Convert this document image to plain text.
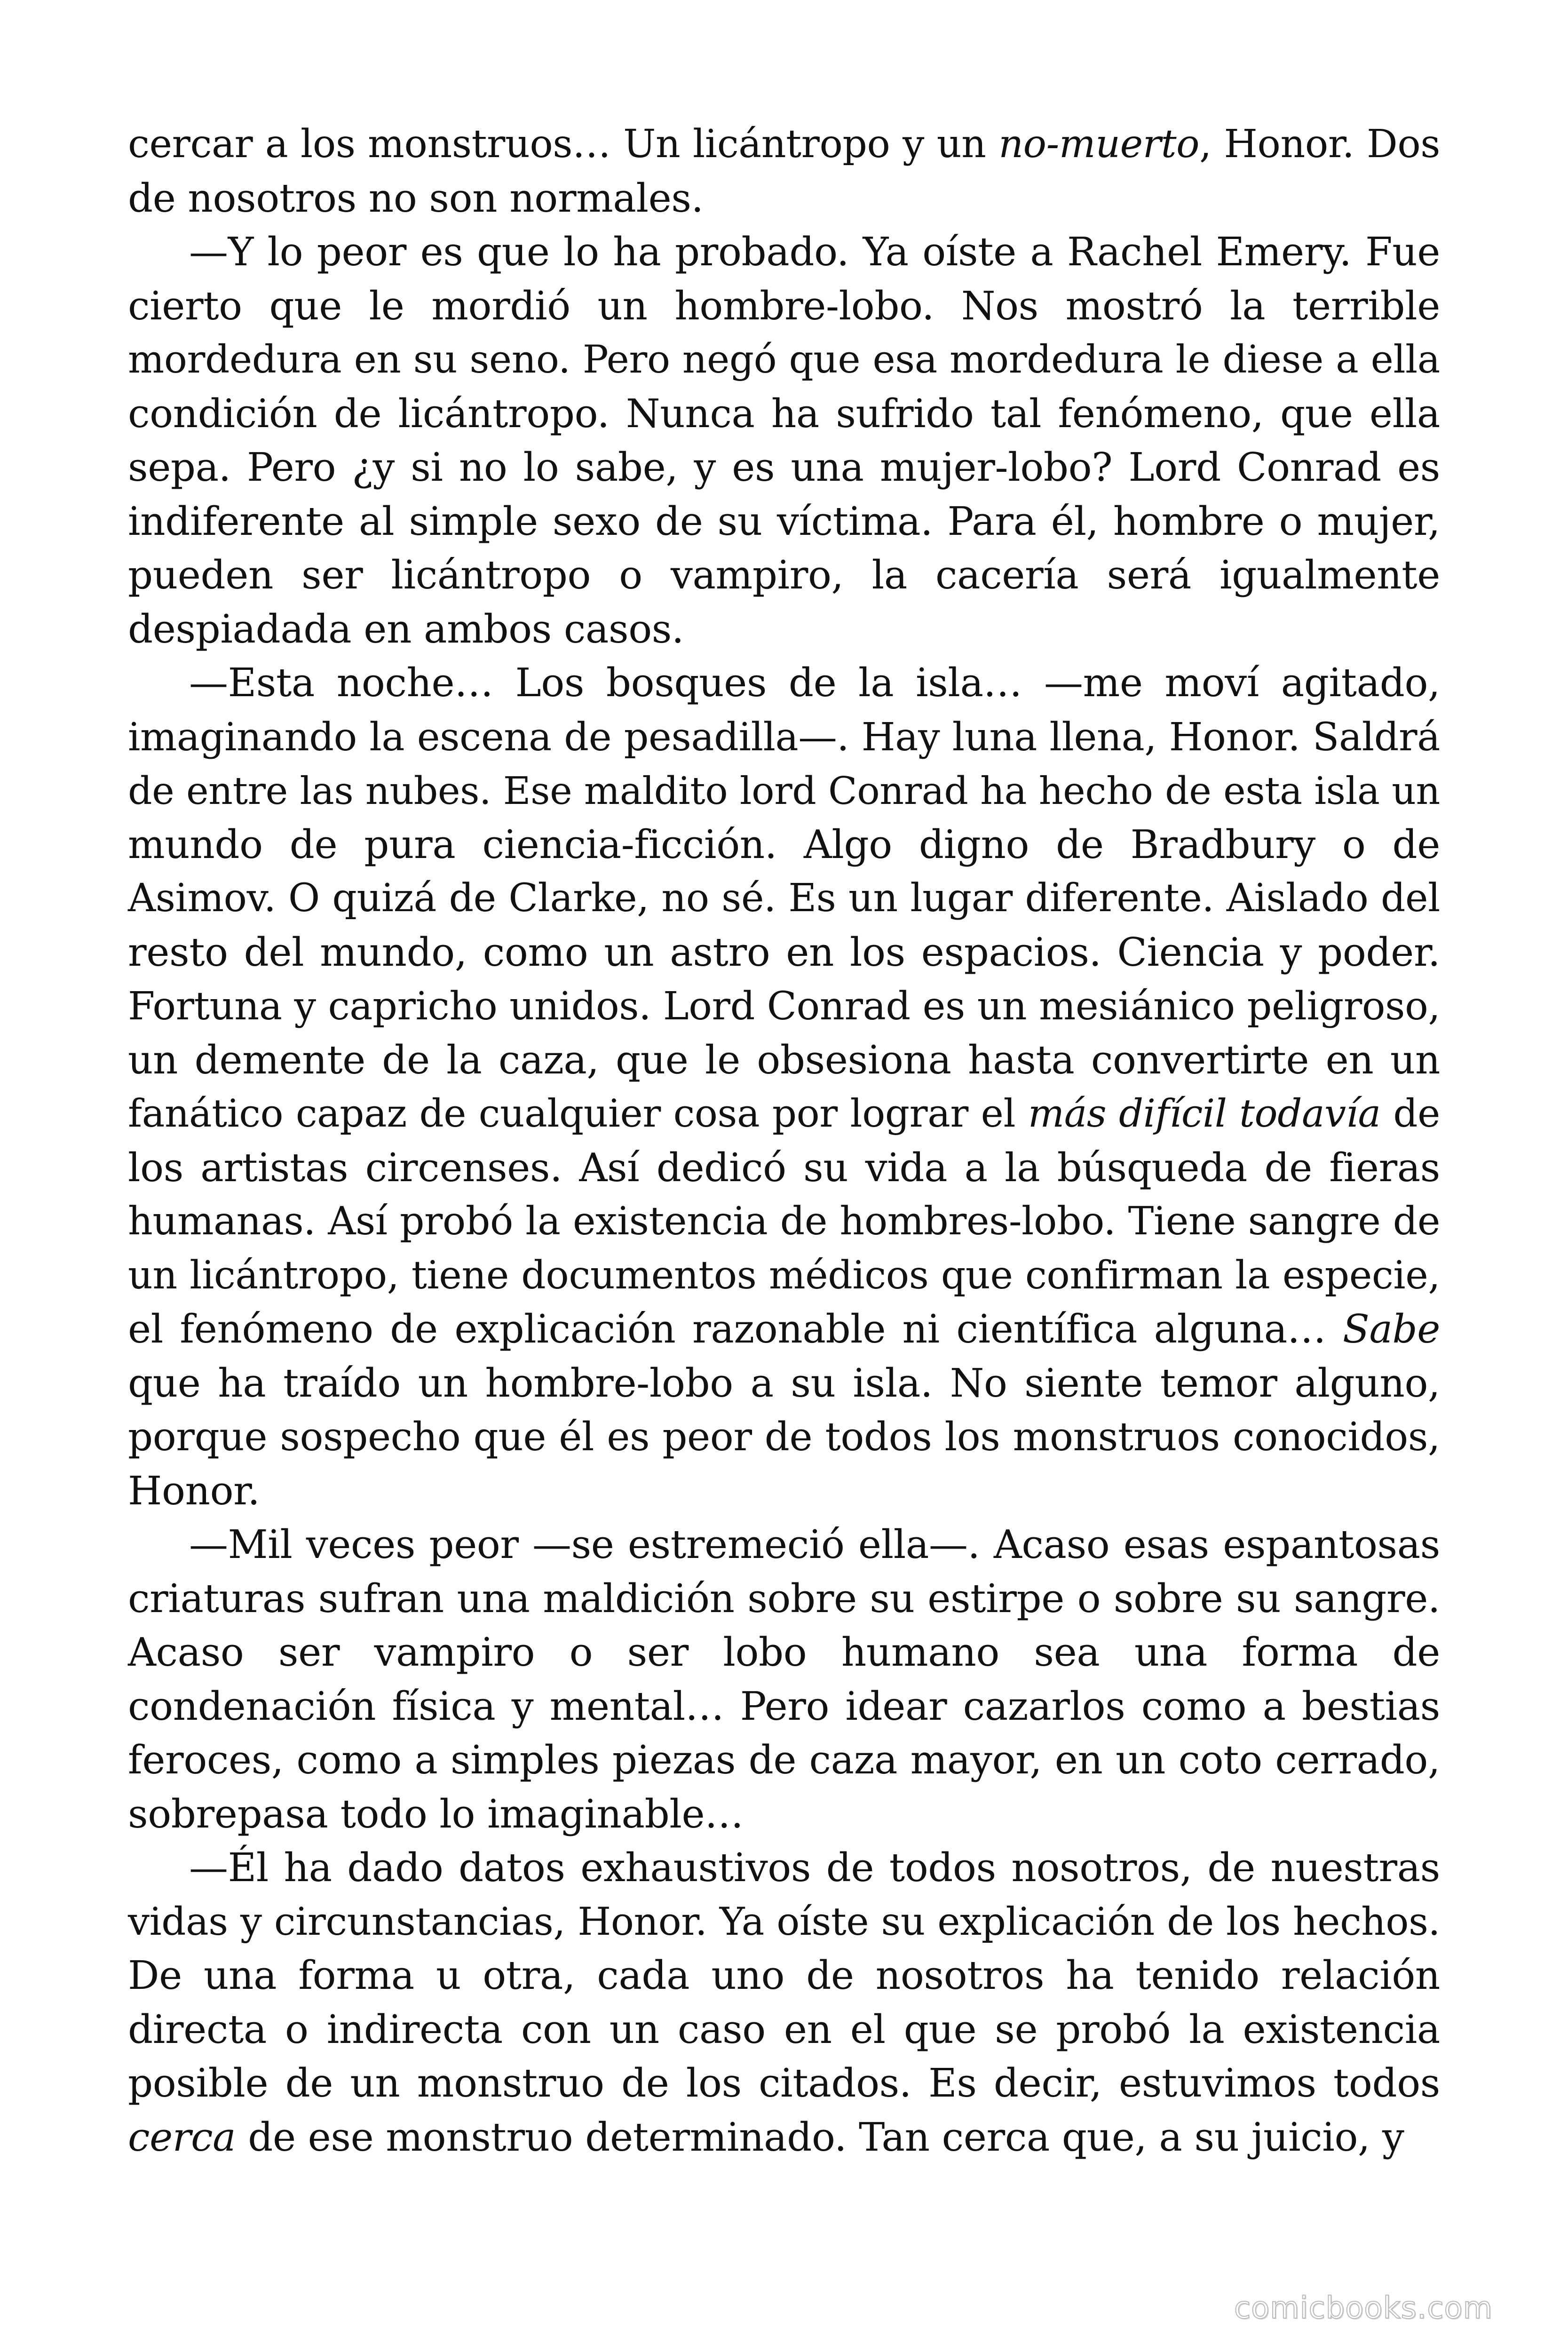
cercar a los monstruos… Un licántropo y un no-muerto, Honor. Dos
de nosotros no son normales.
—Y lo peor es que lo ha probado. Ya oíste a Rachel Emery. Fue
cierto que le mordió un hombre-lobo. Nos mostró la terrible
mordedura en su seno. Pero negó que esa mordedura le diese a ella
condición de licántropo. Nunca ha sufrido tal fenómeno, que ella
sepa. Pero ¿y si no lo sabe, y es una mujer-lobo? Lord Conrad es
indiferente al simple sexo de su víctima. Para él, hombre o mujer,
pueden ser licántropo o vampiro, la cacería será igualmente
despiadada en ambos casos.
—Esta noche… Los bosques de la isla… —me moví agitado,
imaginando la escena de pesadilla—. Hay luna llena, Honor. Saldrá
de entre las nubes. Ese maldito lord Conrad ha hecho de esta isla un
mundo de pura ciencia-ficción. Algo digno de Bradbury o de
Asimov. O quizá de Clarke, no sé. Es un lugar diferente. Aislado del
resto del mundo, como un astro en los espacios. Ciencia y poder.
Fortuna y capricho unidos. Lord Conrad es un mesiánico peligroso,
un demente de la caza, que le obsesiona hasta convertirte en un
fanático capaz de cualquier cosa por lograr el más difícil todavía de
los artistas circenses. Así dedicó su vida a la búsqueda de fieras
humanas. Así probó la existencia de hombres-lobo. Tiene sangre de
un licántropo, tiene documentos médicos que confirman la especie,
el fenómeno de explicación razonable ni científica alguna… Sabe
que ha traído un hombre-lobo a su isla. No siente temor alguno,
porque sospecho que él es peor de todos los monstruos conocidos,
Honor.
—Mil veces peor —se estremeció ella—. Acaso esas espantosas
criaturas sufran una maldición sobre su estirpe o sobre su sangre.
Acaso ser vampiro o ser lobo humano sea una forma de
condenación física y mental… Pero idear cazarlos como a bestias
feroces, como a simples piezas de caza mayor, en un coto cerrado,
sobrepasa todo lo imaginable…
—Él ha dado datos exhaustivos de todos nosotros, de nuestras
vidas y circunstancias, Honor. Ya oíste su explicación de los hechos.
De una forma u otra, cada uno de nosotros ha tenido relación
directa o indirecta con un caso en el que se probó la existencia
posible de un monstruo de los citados. Es decir, estuvimos todos
cerca de ese monstruo determinado. Tan cerca que, a su juicio, y
comicbooks.com
